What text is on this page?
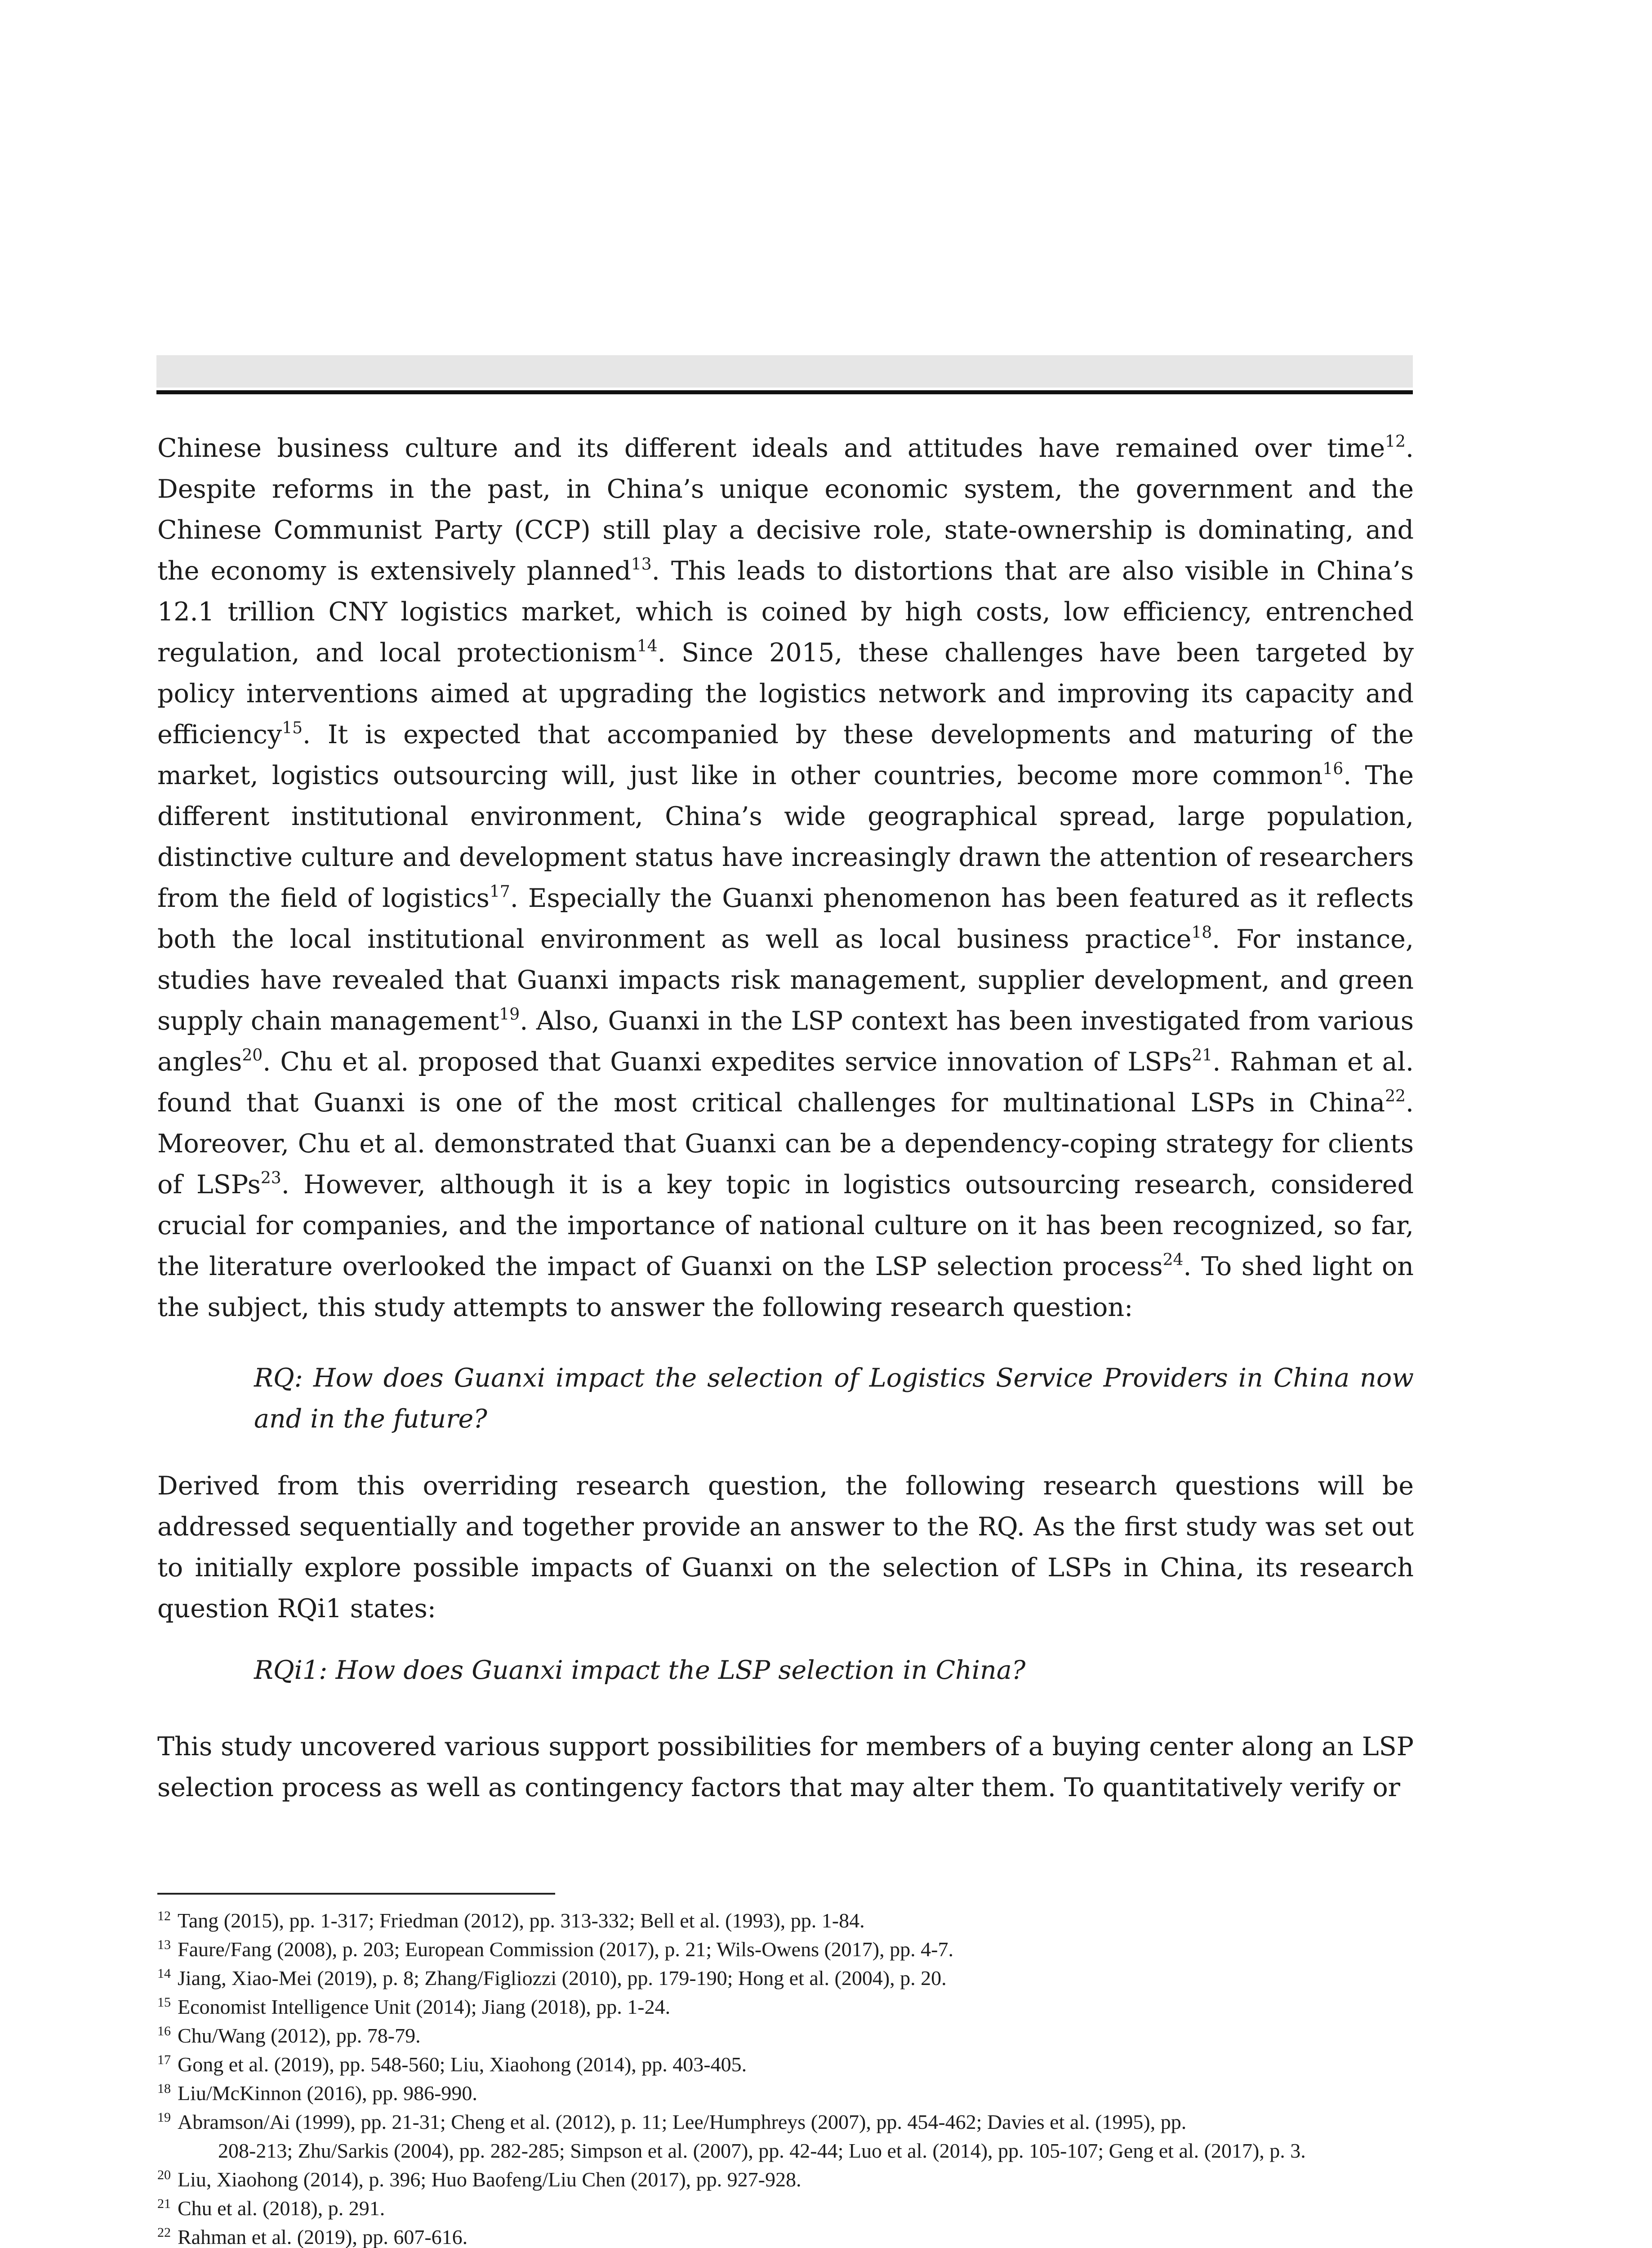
Chinese business culture and its different ideals and attitudes have remained over time$^{12}$. Despite reforms in the past, in China’s unique economic system, the government and the Chinese Communist Party (CCP) still play a decisive role, state-ownership is dominating, and the economy is extensively planned$^{13}$. This leads to distortions that are also visible in China’s 12.1 trillion CNY logistics market, which is coined by high costs, low efficiency, entrenched regulation, and local protectionism$^{14}$. Since 2015, these challenges have been targeted by policy interventions aimed at upgrading the logistics network and improving its capacity and efficiency$^{15}$. It is expected that accompanied by these developments and maturing of the market, logistics outsourcing will, just like in other countries, become more common$^{16}$. The different institutional environment, China’s wide geographical spread, large population, distinctive culture and development status have increasingly drawn the attention of researchers from the field of logistics$^{17}$. Especially the Guanxi phenomenon has been featured as it reflects both the local institutional environment as well as local business practice$^{18}$. For instance, studies have revealed that Guanxi impacts risk management, supplier development, and green supply chain management$^{19}$. Also, Guanxi in the LSP context has been investigated from various angles$^{20}$. Chu et al. proposed that Guanxi expedites service innovation of LSPs$^{21}$. Rahman et al. found that Guanxi is one of the most critical challenges for multinational LSPs in China$^{22}$. Moreover, Chu et al. demonstrated that Guanxi can be a dependency-coping strategy for clients of LSPs$^{23}$. However, although it is a key topic in logistics outsourcing research, considered crucial for companies, and the importance of national culture on it has been recognized, so far, the literature overlooked the impact of Guanxi on the LSP selection process$^{24}$. To shed light on the subject, this study attempts to answer the following research question:

RQ: How does Guanxi impact the selection of Logistics Service Providers in China now and in the future?

Derived from this overriding research question, the following research questions will be addressed sequentially and together provide an answer to the RQ. As the first study was set out to initially explore possible impacts of Guanxi on the selection of LSPs in China, its research question RQi1 states:

RQi1: How does Guanxi impact the LSP selection in China?

This study uncovered various support possibilities for members of a buying center along an LSP selection process as well as contingency factors that may alter them. To quantitatively verify or

12 Tang (2015), pp. 1-317; Friedman (2012), pp. 313-332; Bell et al. (1993), pp. 1-84.

13 Faure/Fang (2008), p. 203; European Commission (2017), p. 21; Wils-Owens (2017), pp. 4-7.

14 Jiang, Xiao-Mei (2019), p. 8; Zhang/Figliozzi (2010), pp. 179-190; Hong et al. (2004), p. 20.

15 Economist Intelligence Unit (2014); Jiang (2018), pp. 1-24.

16 Chu/Wang (2012), pp. 78-79.

17 Gong et al. (2019), pp. 548-560; Liu, Xiaohong (2014), pp. 403-405.

18 Liu/McKinnon (2016), pp. 986-990.

19 Abramson/Ai (1999), pp. 21-31; Cheng et al. (2012), p. 11; Lee/Humphreys (2007), pp. 454-462; Davies et al. (1995), pp.
208-213; Zhu/Sarkis (2004), pp. 282-285; Simpson et al. (2007), pp. 42-44; Luo et al. (2014), pp. 105-107; Geng et al. (2017), p. 3.

20 Liu, Xiaohong (2014), p. 396; Huo Baofeng/Liu Chen (2017), pp. 927-928.

21 Chu et al. (2018), p. 291.

22 Rahman et al. (2019), pp. 607-616.
